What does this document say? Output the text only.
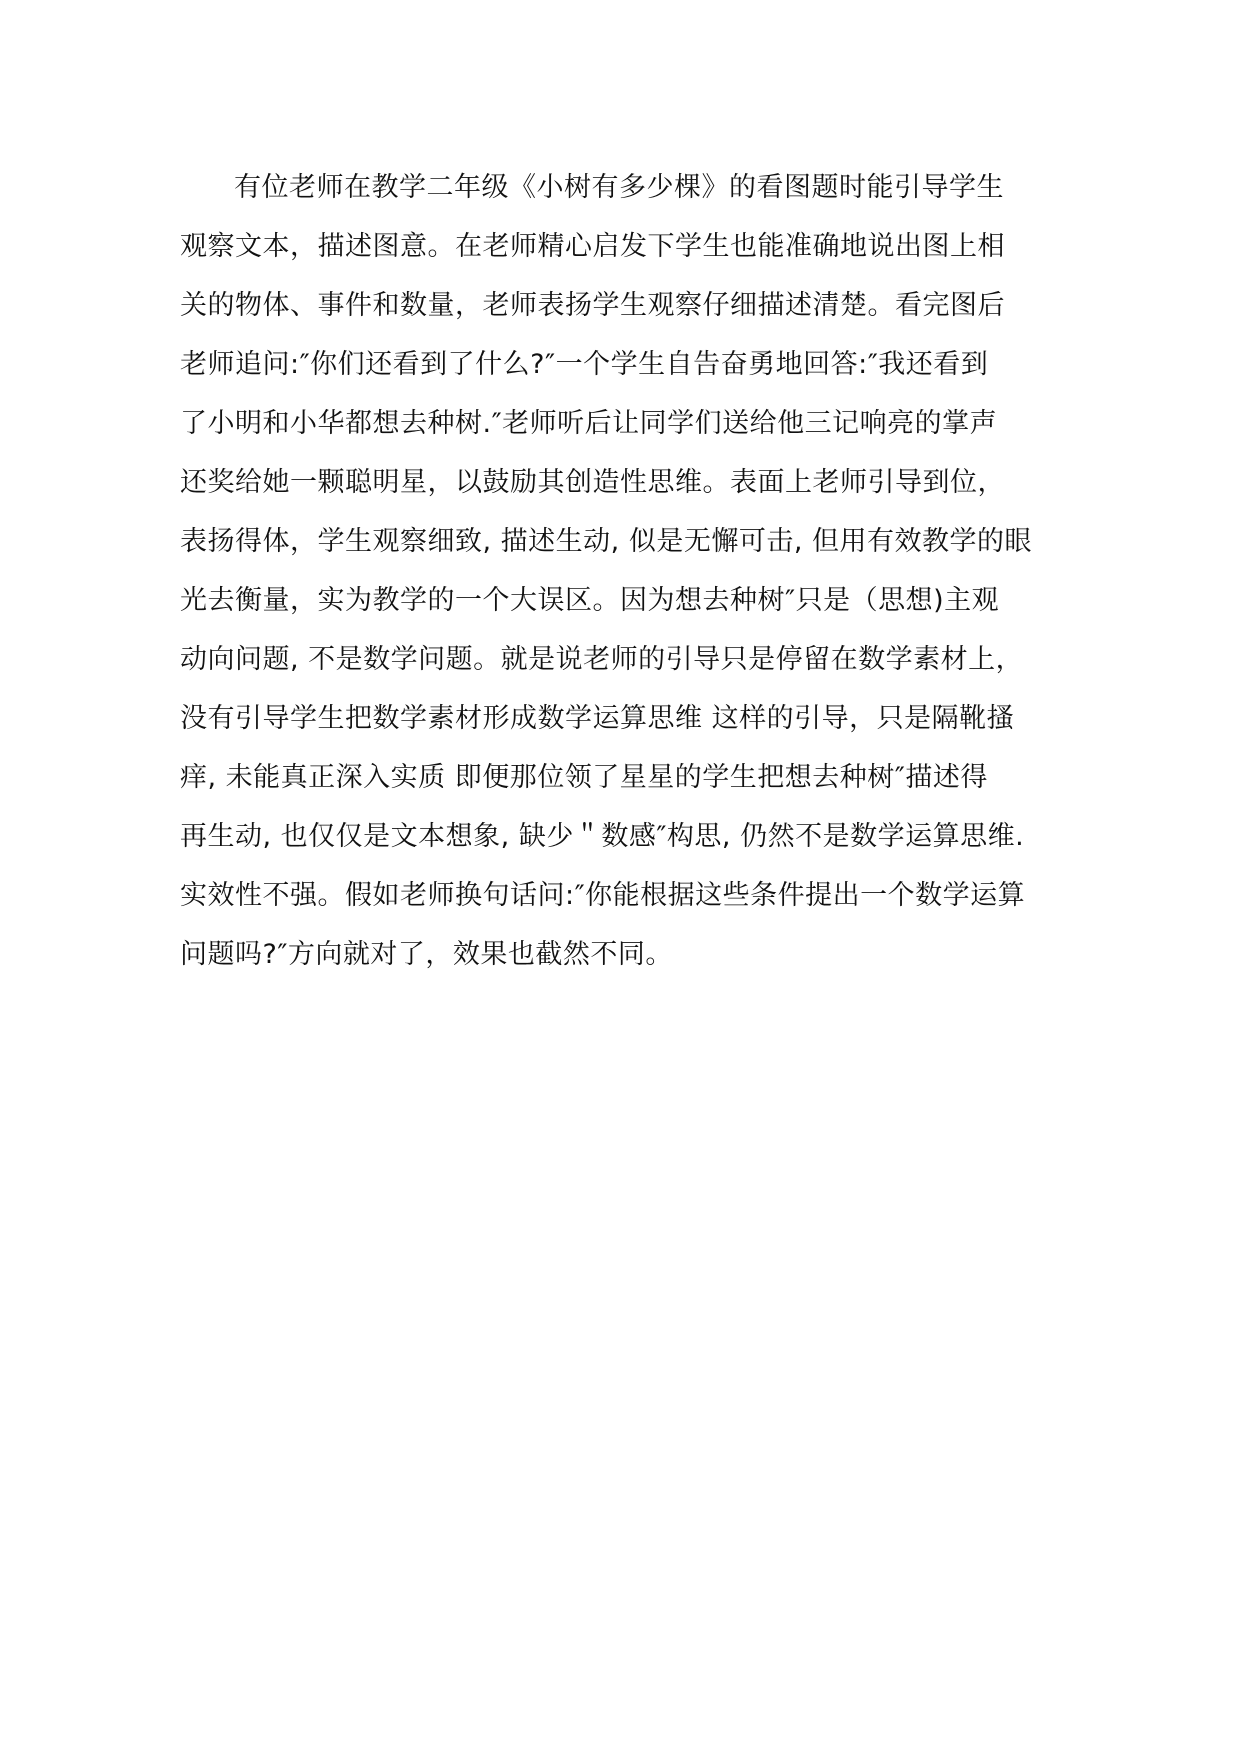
有位老师在教学二年级《小树有多少棵》的看图题时能引导学生
观察文本，描述图意。在老师精心启发下学生也能准确地说出图上相
关的物体、事件和数量，老师表扬学生观察仔细描述清楚。看完图后
老师追问:″你们还看到了什么?″一个学生自告奋勇地回答:″我还看到
了小明和小华都想去种树.″老师听后让同学们送给他三记响亮的掌声
还奖给她一颗聪明星，以鼓励其创造性思维。表面上老师引导到位，
表扬得体，学生观察细致, 描述生动, 似是无懈可击, 但用有效教学的眼
光去衡量，实为教学的一个大误区。因为想去种树″只是（思想)主观
动向问题, 不是数学问题。就是说老师的引导只是停留在数学素材上，
没有引导学生把数学素材形成数学运算思维 这样的引导，只是隔靴搔
痒, 未能真正深入实质 即便那位领了星星的学生把想去种树″描述得
再生动, 也仅仅是文本想象, 缺少＂数感″构思, 仍然不是数学运算思维.
实效性不强。假如老师换句话问:″你能根据这些条件提出一个数学运算
问题吗?″方向就对了，效果也截然不同。
